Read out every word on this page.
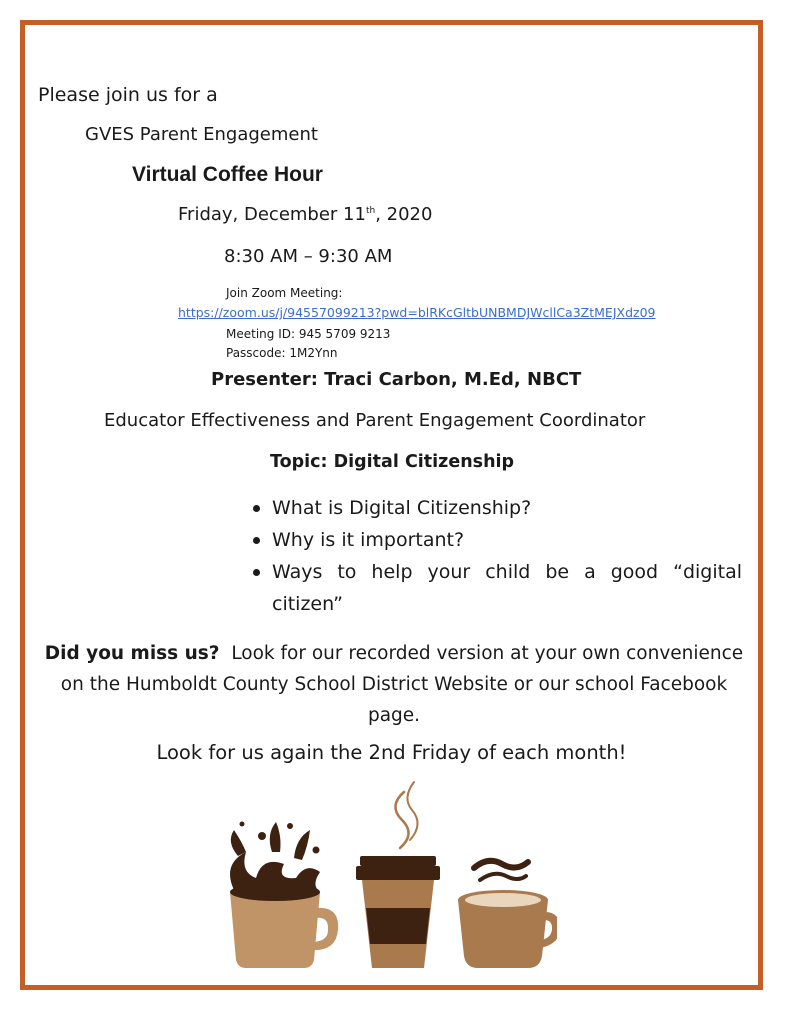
Please join us for a
GVES Parent Engagement
Virtual Coffee Hour
Friday, December 11th, 2020
8:30 AM – 9:30 AM
Join Zoom Meeting:
https://zoom.us/j/94557099213?pwd=blRKcGltbUNBMDJWcllCa3ZtMEJXdz09
Meeting ID: 945 5709 9213
Passcode: 1M2Ynn
Presenter: Traci Carbon, M.Ed, NBCT
Educator Effectiveness and Parent Engagement Coordinator
Topic: Digital Citizenship
What is Digital Citizenship?
Why is it important?
Ways to help your child be a good “digital citizen”
Did you miss us? Look for our recorded version at your own convenience on the Humboldt County School District Website or our school Facebook page.
Look for us again the 2nd Friday of each month!
